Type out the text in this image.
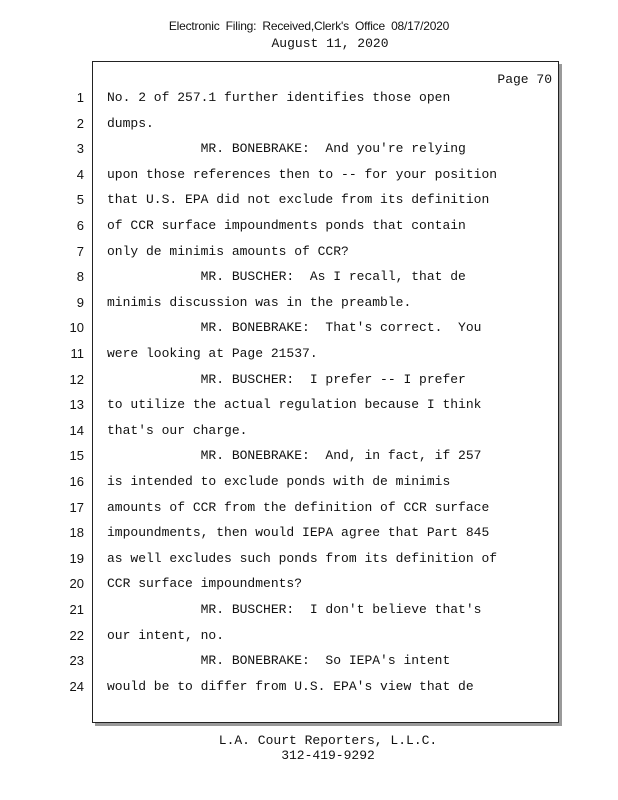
Electronic Filing: Received,Clerk's Office 08/17/2020
August 11, 2020
Page 70
1
2
3
4
5
6
7
8
9
10
11
12
13
14
15
16
17
18
19
20
21
22
23
24
No. 2 of 257.1 further identifies those open
dumps.
MR. BONEBRAKE:  And you're relying
upon those references then to -- for your position
that U.S. EPA did not exclude from its definition
of CCR surface impoundments ponds that contain
only de minimis amounts of CCR?
MR. BUSCHER:  As I recall, that de
minimis discussion was in the preamble.
MR. BONEBRAKE:  That's correct.  You
were looking at Page 21537.
MR. BUSCHER:  I prefer -- I prefer
to utilize the actual regulation because I think
that's our charge.
MR. BONEBRAKE:  And, in fact, if 257
is intended to exclude ponds with de minimis
amounts of CCR from the definition of CCR surface
impoundments, then would IEPA agree that Part 845
as well excludes such ponds from its definition of
CCR surface impoundments?
MR. BUSCHER:  I don't believe that's
our intent, no.
MR. BONEBRAKE:  So IEPA's intent
would be to differ from U.S. EPA's view that de
L.A. Court Reporters, L.L.C.
312-419-9292
